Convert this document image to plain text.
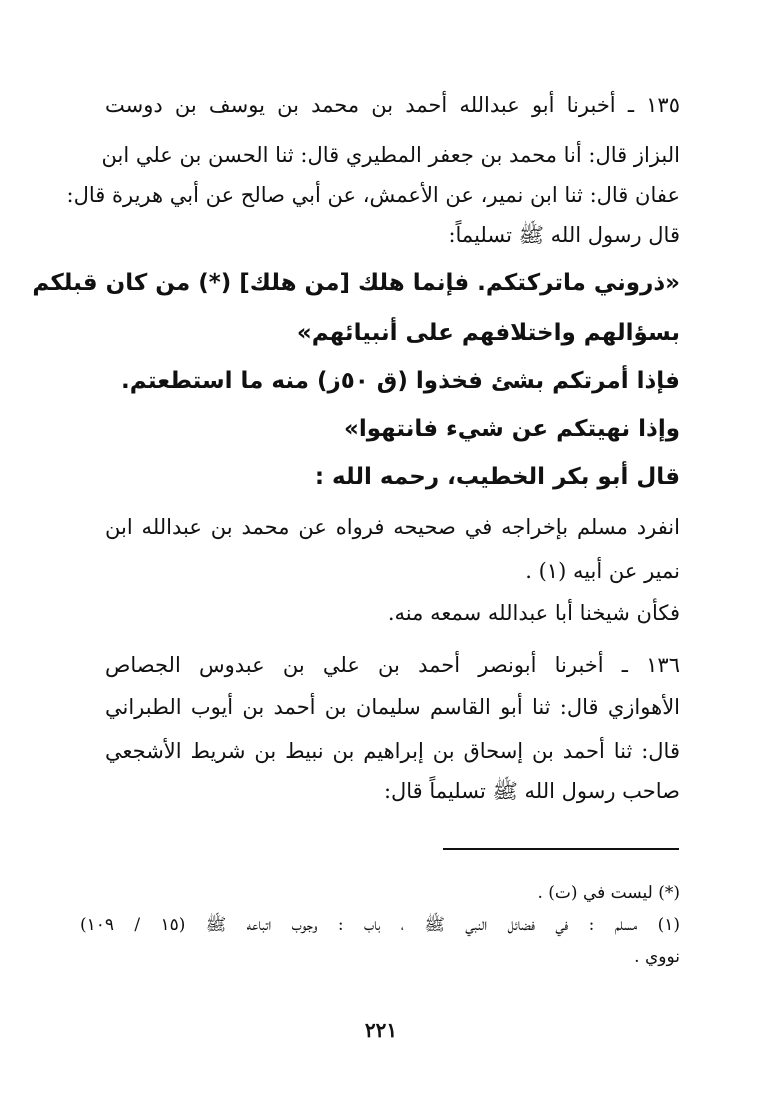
١٣٥ ـ أخبرنا أبو عبدالله أحمد بن محمد بن يوسف بن دوست
البزاز قال: أنا محمد بن جعفر المطيري قال: ثنا الحسن بن علي ابن
عفان قال: ثنا ابن نمير، عن الأعمش، عن أبي صالح عن أبي هريرة قال:
قال رسول الله ﷺ تسليماً:
«ذروني ماتركتكم. فإنما هلك [من هلك] (*) من كان قبلكم
بسؤالهم واختلافهم على أنبيائهم»
فإذا أمرتكم بشئ فخذوا (ق ٥٠ز) منه ما استطعتم.
وإذا نهيتكم عن شيء فانتهوا»
قال أبو بكر الخطيب، رحمه الله :
انفرد مسلم بإخراجه في صحيحه فرواه عن محمد بن عبدالله ابن
نمير عن أبيه (١) .
فكأن شيخنا أبا عبدالله سمعه منه.
١٣٦ ـ أخبرنا أبونصر أحمد بن علي بن عبدوس الجصاص
الأهوازي قال: ثنا أبو القاسم سليمان بن أحمد بن أيوب الطبراني
قال: ثنا أحمد بن إسحاق بن إبراهيم بن نبيط بن شريط الأشجعي
صاحب رسول الله ﷺ تسليماً قال:
(*) ليست في (ت) .
(١) مسلم : في فضائل النبي ﷺ ، باب : وجوب اتباعه ﷺ (١٥ / ١٠٩)
نووي .
٢٢١
